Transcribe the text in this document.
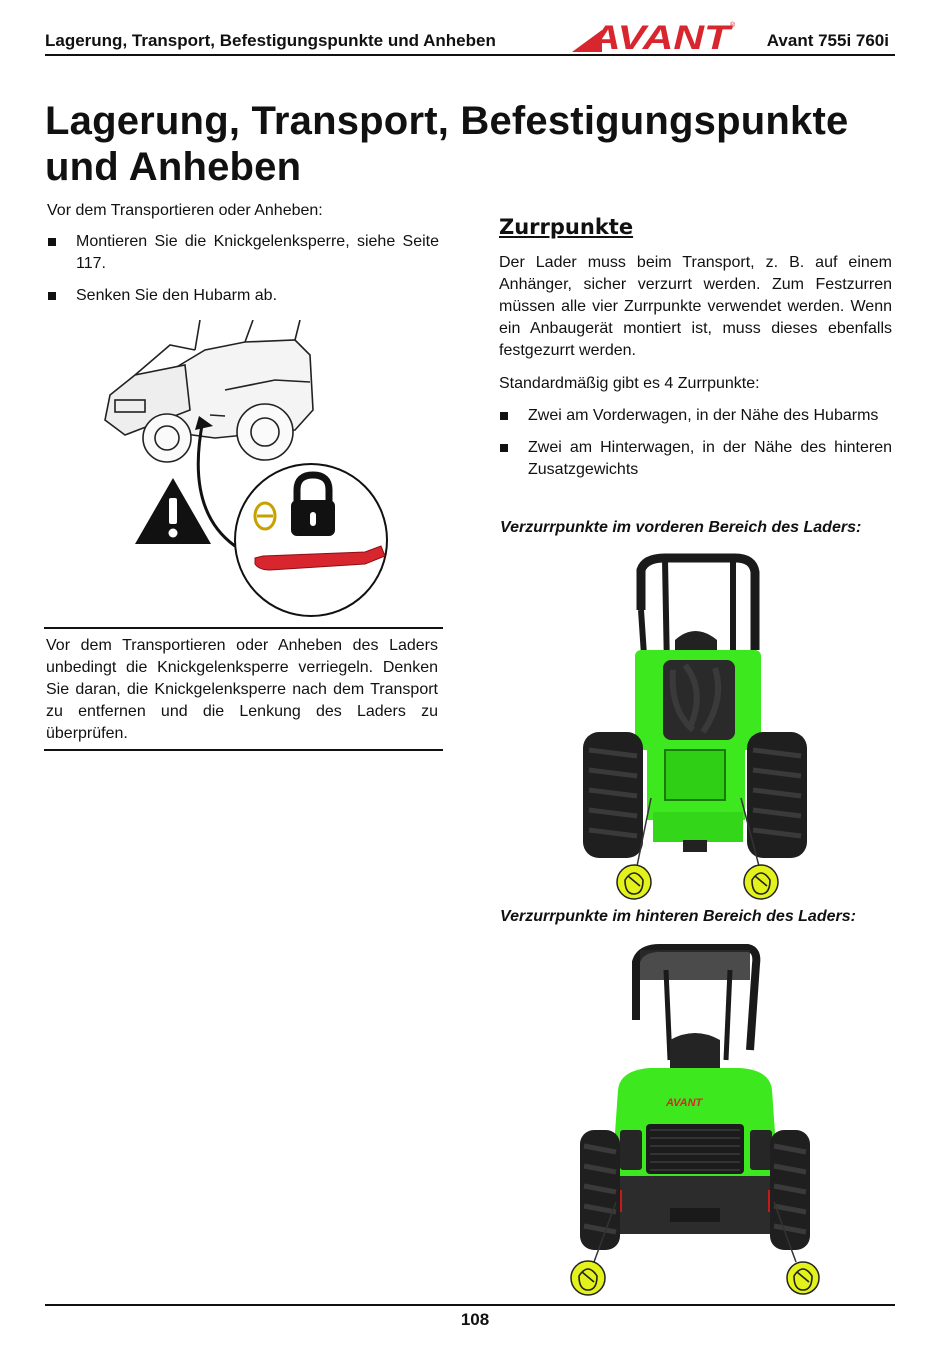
Lagerung, Transport, Befestigungspunkte und Anheben	AVANT
®
Avant 755i 760i
Lagerung, Transport, Befestigungspunkte und Anheben

Vor dem Transportieren oder Anheben:

Montieren Sie die Knickgelenksperre, siehe Seite 117.
Senken Sie den Hubarm ab.

Vor dem Transportieren oder Anheben des Laders unbedingt die Knickgelenksperre verriegeln. Denken Sie daran, die Knickgelenksperre nach dem Transport zu entfernen und die Lenkung des Laders zu überprüfen.

Zurrpunkte

Der Lader muss beim Transport, z. B. auf einem Anhänger, sicher verzurrt werden. Zum Festzurren müssen alle vier Zurrpunkte verwendet werden. Wenn ein Anbaugerät montiert ist, muss dieses ebenfalls festgezurrt werden.

Standardmäßig gibt es 4 Zurrpunkte:

Zwei am Vorderwagen, in der Nähe des Hubarms
Zwei am Hinterwagen, in der Nähe des hinteren Zusatzgewichts
Verzurrpunkte im vorderen Bereich des Laders:
Verzurrpunkte im hinteren Bereich des Laders:
AVANT
108
